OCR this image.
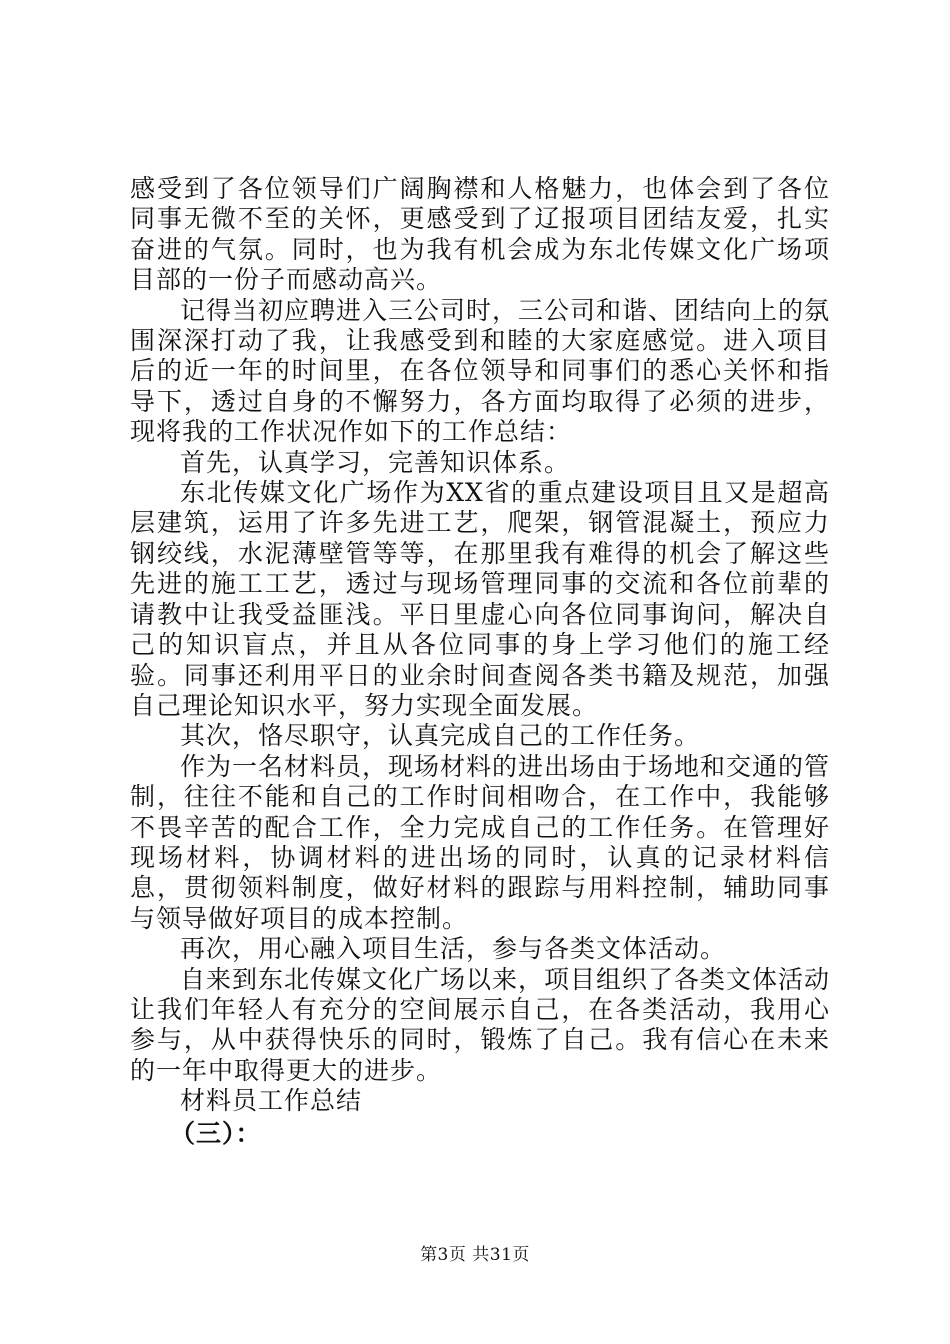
感受到了各位领导们广阔胸襟和人格魅力，也体会到了各位同事无微不至的关怀，更感受到了辽报项目团结友爱，扎实奋进的气氛。同时，也为我有机会成为东北传媒文化广场项目部的一份子而感动高兴。

记得当初应聘进入三公司时，三公司和谐、团结向上的氛围深深打动了我，让我感受到和睦的大家庭感觉。进入项目后的近一年的时间里，在各位领导和同事们的悉心关怀和指导下，透过自身的不懈努力，各方面均取得了必须的进步，现将我的工作状况作如下的工作总结：

首先，认真学习，完善知识体系。

东北传媒文化广场作为XX省的重点建设项目且又是超高层建筑，运用了许多先进工艺，爬架，钢管混凝土，预应力钢绞线，水泥薄壁管等等，在那里我有难得的机会了解这些先进的施工工艺，透过与现场管理同事的交流和各位前辈的请教中让我受益匪浅。平日里虚心向各位同事询问，解决自己的知识盲点，并且从各位同事的身上学习他们的施工经验。同事还利用平日的业余时间查阅各类书籍及规范，加强自己理论知识水平，努力实现全面发展。

其次，恪尽职守，认真完成自己的工作任务。

作为一名材料员，现场材料的进出场由于场地和交通的管制，往往不能和自己的工作时间相吻合，在工作中，我能够不畏辛苦的配合工作，全力完成自己的工作任务。在管理好现场材料，协调材料的进出场的同时，认真的记录材料信息，贯彻领料制度，做好材料的跟踪与用料控制，辅助同事与领导做好项目的成本控制。

再次，用心融入项目生活，参与各类文体活动。

自来到东北传媒文化广场以来，项目组织了各类文体活动让我们年轻人有充分的空间展示自己，在各类活动，我用心参与，从中获得快乐的同时，锻炼了自己。我有信心在未来的一年中取得更大的进步。

材料员工作总结

（三）：

第3页 共31页
